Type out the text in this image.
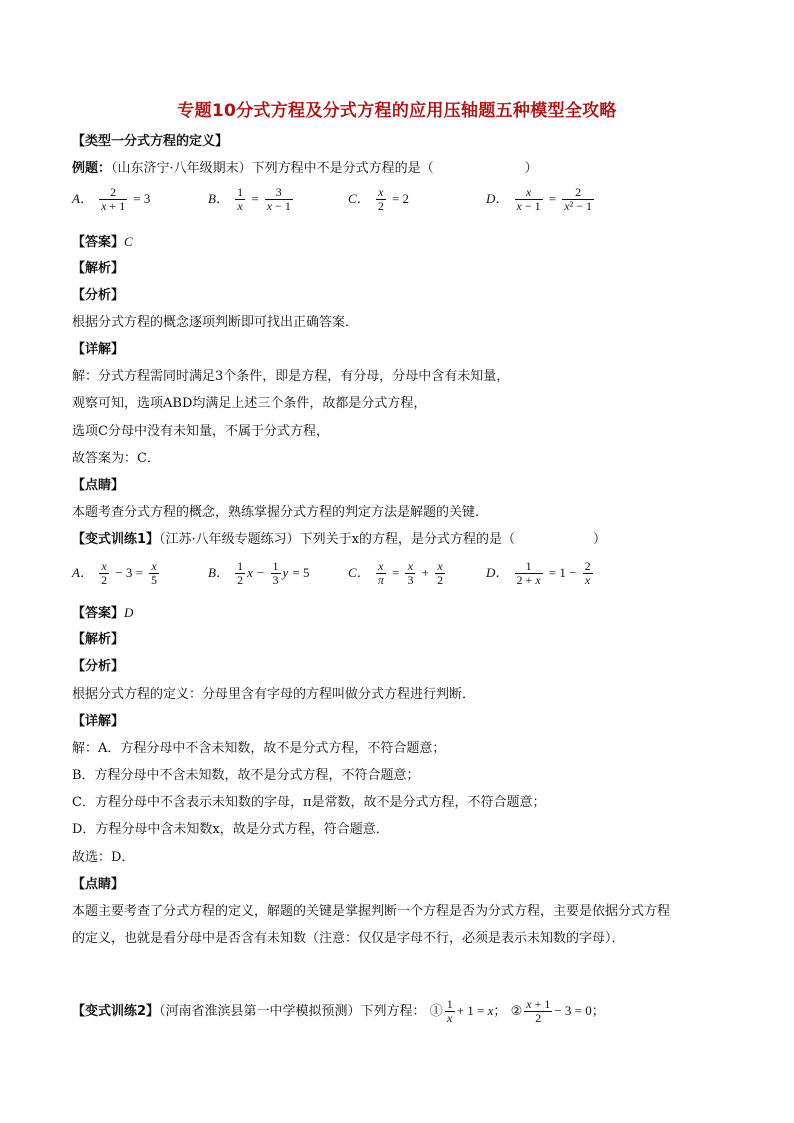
专题10分式方程及分式方程的应用压轴题五种模型全攻略
【类型一分式方程的定义】
例题：（山东济宁·八年级期末）下列方程中不是分式方程的是（　　　　　　　）
A． $\frac{2}{x + 1} = 3$	B． $\frac{1}{x} = \frac{3}{x - 1}$	C． $\frac{x}{2} = 2$	D． $\frac{x}{x - 1} = \frac{2}{\text{x² − 1}}$
【答案】C
【解析】
【分析】
根据分式方程的概念逐项判断即可找出正确答案．
【详解】
解：分式方程需同时满足3个条件，即是方程，有分母，分母中含有未知量，
观察可知，选项ABD均满足上述三个条件，故都是分式方程，
选项C分母中没有未知量，不属于分式方程，
故答案为：C．
【点睛】
本题考查分式方程的概念，熟练掌握分式方程的判定方法是解题的关键．
【变式训练1】（江苏·八年级专题练习）下列关于x的方程，是分式方程的是（　　　　　　）
A． $\frac{x}{2} - 3 = \frac{x}{5}$	B． $\frac{1}{2}$ $x - \frac{1}{3}$ y = 5	C． $\frac{x}{\pi} = \frac{x}{3} + \frac{x}{2}$	D． $\frac{1}{2 + x} = 1 - \frac{2}{x}$
【答案】D
【解析】
【分析】
根据分式方程的定义：分母里含有字母的方程叫做分式方程进行判断．
【详解】
解：A．方程分母中不含未知数，故不是分式方程，不符合题意；
B．方程分母中不含未知数，故不是分式方程，不符合题意；
C．方程分母中不含表示未知数的字母，π是常数，故不是分式方程，不符合题意；
D．方程分母中含未知数x，故是分式方程，符合题意．
故选：D．
【点睛】
本题主要考查了分式方程的定义，解题的关键是掌握判断一个方程是否为分式方程，主要是依据分式方程
的定义，也就是看分母中是否含有未知数（注意：仅仅是字母不行，必须是表示未知数的字母）．
【变式训练2】（河南省淮滨县第一中学模拟预测）下列方程： ① $\frac{1}{x} + 1 = x$； ② $\frac{x + 1}{2} - 3 = 0$；
